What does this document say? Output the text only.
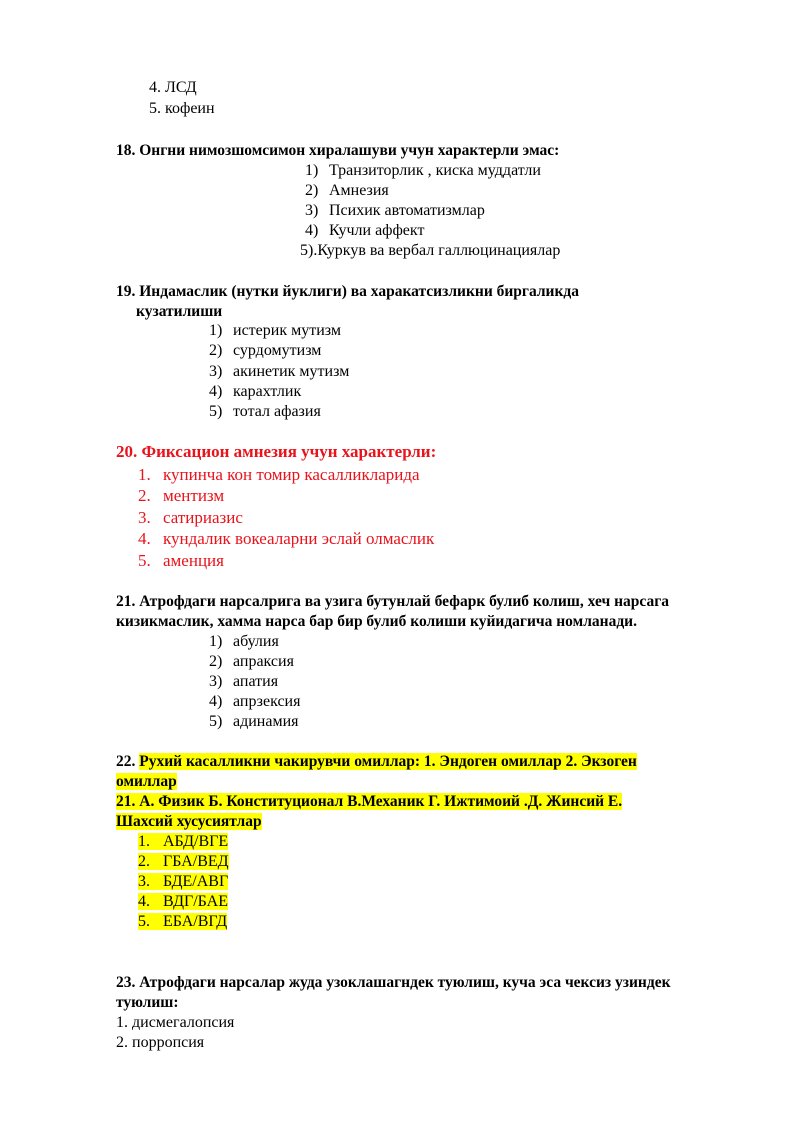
4. ЛСД
5. кофеин
18. Онгни нимозшомсимон хиралашуви учун характерли эмас:
1) Транзиторлик , киска муддатли
2) Амнезия
3) Психик автоматизмлар
4) Кучли аффект
5).Куркув ва вербал галлюцинациялар
19. Индамаслик (нутки йуклиги) ва харакатсизликни биргаликда
кузатилиши
1) истерик мутизм
2) сурдомутизм
3) акинетик мутизм
4) карахтлик
5) тотал афазия
20. Фиксацион амнезия учун характерли:
1. купинча кон томир касалликларида
2. ментизм
3. сатириазис
4. кундалик вокеаларни эслай олмаслик
5. аменция
21. Атрофдаги нарсалрига ва узига бутунлай бефарк булиб колиш, хеч нарсага
кизикмаслик, хамма нарса бар бир булиб колиши куйидагича номланади.
1) абулия
2) апраксия
3) апатия
4) апрзексия
5) адинамия
22. Рухий касалликни чакирувчи омиллар: 1. Эндоген омиллар 2. Экзоген
омиллар
21. А. Физик Б. Конституционал В.Механик Г. Ижтимоий .Д. Жинсий Е.
Шахсий хусусиятлар
1. АБД/ВГЕ
2. ГБА/ВЕД
3. БДЕ/АВГ
4. ВДГ/БАЕ
5. ЕБА/ВГД
23. Атрофдаги нарсалар жуда узоклашагндек туюлиш, куча эса чексиз узиндек
туюлиш:
1. дисмегалопсия
2. порропсия
